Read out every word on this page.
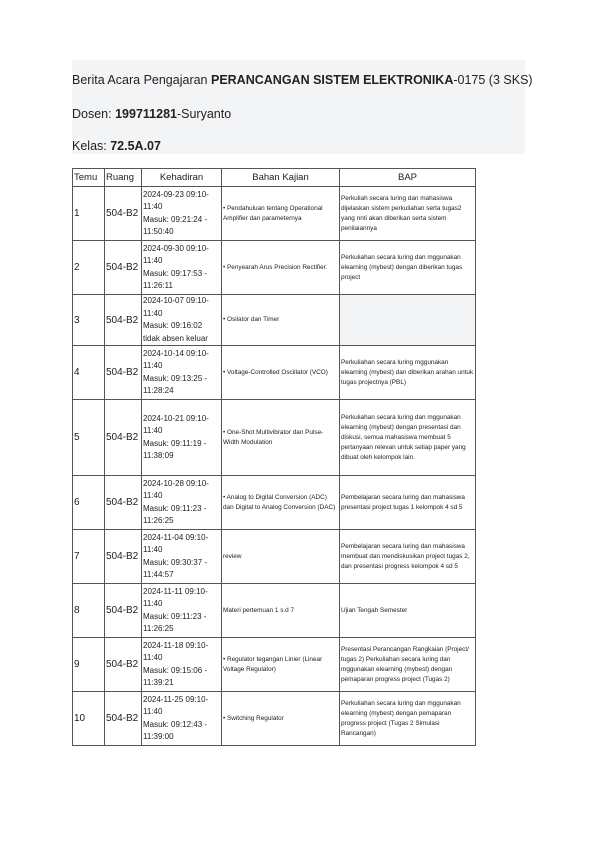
Berita Acara Pengajaran PERANCANGAN SISTEM ELEKTRONIKA-0175 (3 SKS)
Dosen: 199711281-Suryanto
Kelas: 72.5A.07
Temu	Ruang	Kehadiran	Bahan Kajian	BAP

1	504-B2	2024-09-23 09:10-11:40
Masuk: 09:21:24 - 11:50:40	• Pendahuluan tentang Operational Amplifier dan parameternya	Perkuliah secara luring dan mahasiswa dijelaskan sistem perkuliahan serta tugas2 yang nnti akan diberikan serta sistem penilaiannya

2	504-B2	2024-09-30 09:10-11:40
Masuk: 09:17:53 - 11:26:11	• Penyearah Arus Precision Rectifier.	Perkuliahan secara luring dan mggunakan elearning (mybest) dengan diberikan tugas project

3	504-B2	2024-10-07 09:10-11:40
Masuk: 09:16:02 tidak absen keluar	• Osilator dan Timer	

4	504-B2	2024-10-14 09:10-11:40
Masuk: 09:13:25 - 11:28:24	• Voltage-Controlled Oscillator (VCO)	Perkuliahan secara luring mggunakan elearning (mybest) dan diberikan arahan untuk tugas projectnya (PBL)

5	504-B2	2024-10-21 09:10-11:40
Masuk: 09:11:19 - 11:38:09	• One-Shot Multivibrator dan Pulse-Width Modulation	Perkuliahan secara luring dan mggunakan elearning (mybest) dengan presentasi dan diskusi, semua mahasiswa membuat 5 pertanyaan relevan untuk setiap paper yang dibuat oleh kelompok lain.

6	504-B2	2024-10-28 09:10-11:40
Masuk: 09:11:23 - 11:26:25	• Analog to Digital Conversion (ADC) dan Digital to Analog Conversion (DAC)	Pembelajaran secara luring dan mahasiswa presentasi project tugas 1 kelompok 4 sd 5

7	504-B2	2024-11-04 09:10-11:40
Masuk: 09:30:37 - 11:44:57	review	Pembelajaran secara luring dan mahasiswa membuat dan mendiskusikan project tugas 2, dan presentasi progress kelompok 4 sd 5

8	504-B2	2024-11-11 09:10-11:40
Masuk: 09:11:23 - 11:26:25	Materi pertemuan 1 s.d 7	Ujian Tengah Semester

9	504-B2	2024-11-18 09:10-11:40
Masuk: 09:15:06 - 11:39:21	• Regulator tegangan Linier (Linear Voltage Regulator)	Presentasi Perancangan Rangkaian (Project/ tugas 2) Perkuliahan secara luring dan mggunakan elearning (mybest) dengan pemaparan progress project (Tugas 2)

10	504-B2	2024-11-25 09:10-11:40
Masuk: 09:12:43 - 11:39:00	• Switching Regulator	Perkuliahan secara luring dan mggunakan elearning (mybest) dengan pemaparan progress project (Tugas 2 Simulasi Rancangan)
